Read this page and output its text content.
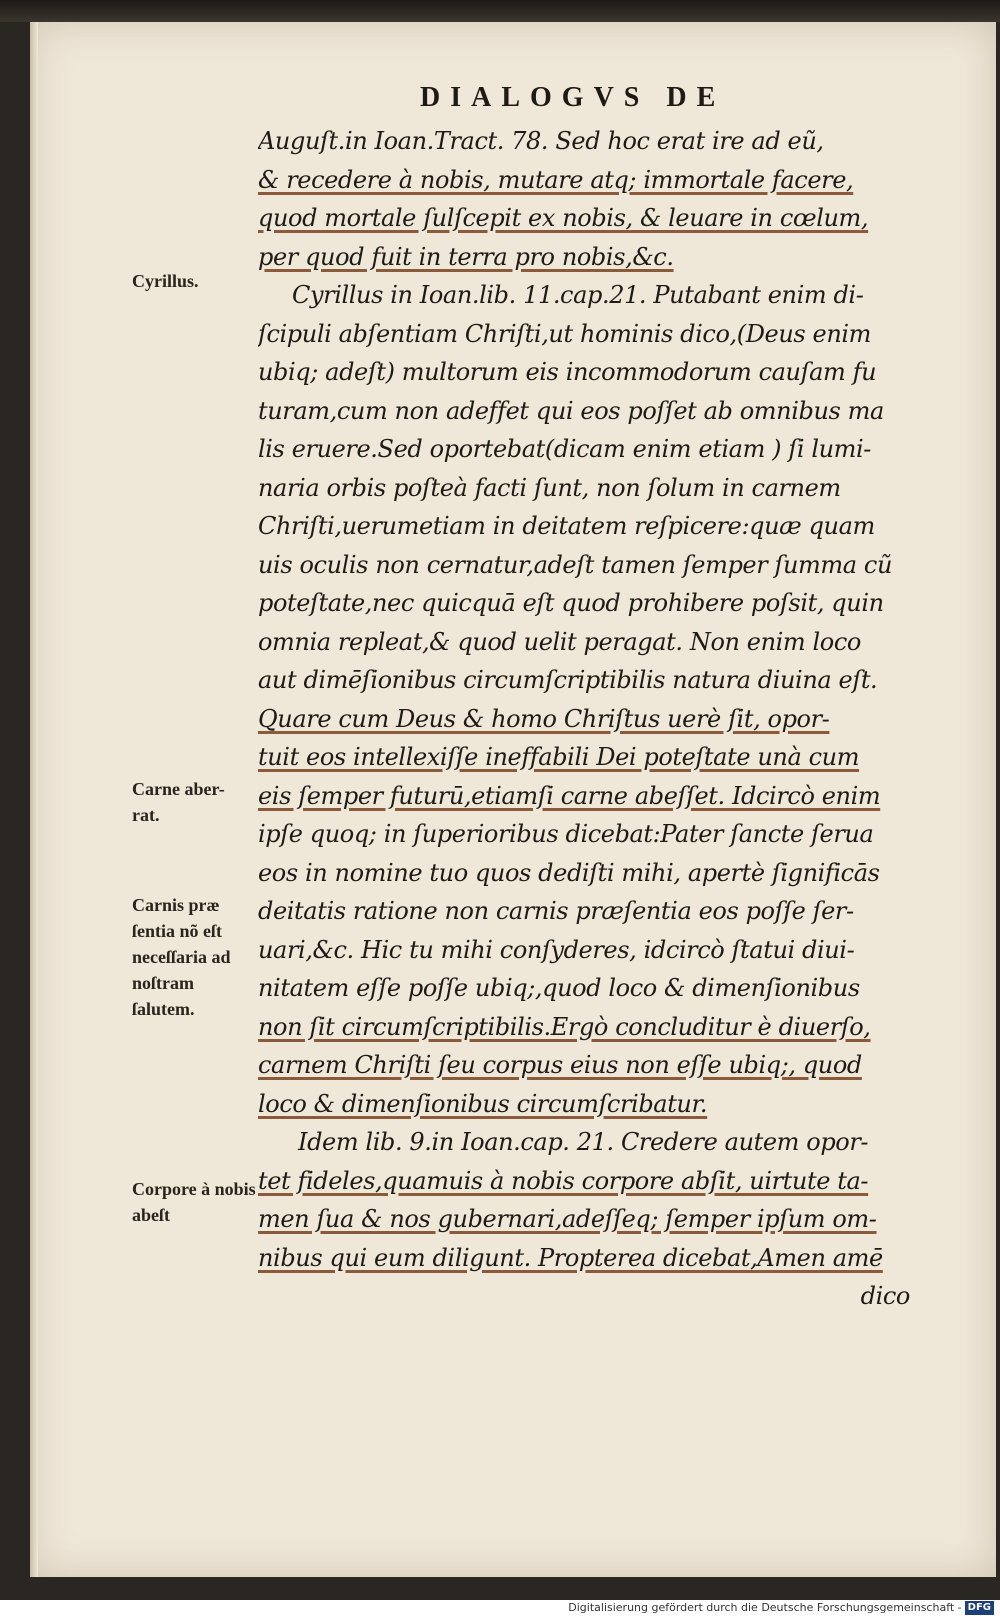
DIALOGVS DE
Cyrillus.
Carne aber-rat.
Carnis præ ſentia nõ eſt neceſſaria ad noſtram ſalutem.
Corpore à nobis abeſt
Auguſt.in Ioan.Tract. 78. Sed hoc erat ire ad eũ,
& recedere à nobis, mutare atq; immortale facere,
quod mortale ſulſcepit ex nobis, & leuare in cœlum,
per quod fuit in terra pro nobis,&c.
Cyrillus in Ioan.lib. 11.cap.21. Putabant enim di-
ſcipuli abſentiam Chriſti,ut hominis dico,(Deus enim
ubiq; adeſt) multorum eis incommodorum cauſam fu
turam,cum non adeffet qui eos poſſet ab omnibus ma
lis eruere.Sed oportebat(dicam enim etiam ) ſi lumi-
naria orbis poſteà facti ſunt, non ſolum in carnem
Chriſti,uerumetiam in deitatem reſpicere:quæ quam
uis oculis non cernatur,adeſt tamen ſemper ſumma cũ
poteſtate,nec quicquā eſt quod prohibere poſsit, quin
omnia repleat,& quod uelit peragat. Non enim loco
aut dimēſionibus circumſcriptibilis natura diuina eſt.
Quare cum Deus & homo Chriſtus uerè ſit, opor-
tuit eos intellexiſſe ineffabili Dei poteſtate unà cum
eis ſemper futurū,etiamſi carne abeſſet. Idcircò enim
ipſe quoq; in ſuperioribus dicebat:Pater ſancte ſerua
eos in nomine tuo quos dediſti mihi, apertè ſignificās
deitatis ratione non carnis præſentia eos poſſe ſer-
uari,&c. Hic tu mihi conſyderes, idcircò ſtatui diui-
nitatem eſſe poſſe ubiq;,quod loco & dimenſionibus
non ſit circumſcriptibilis.Ergò concluditur è diuerſo,
carnem Chriſti ſeu corpus eius non eſſe ubiq;, quod
loco & dimenſionibus circumſcribatur.
Idem lib. 9.in Ioan.cap. 21. Credere autem opor-
tet fideles,quamuis à nobis corpore abſit, uirtute ta-
men ſua & nos gubernari,adeſſeq; ſemper ipſum om-
nibus qui eum diligunt. Propterea dicebat,Amen amē
dico
Digitalisierung gefördert durch die Deutsche Forschungsgemeinschaft - DFG
